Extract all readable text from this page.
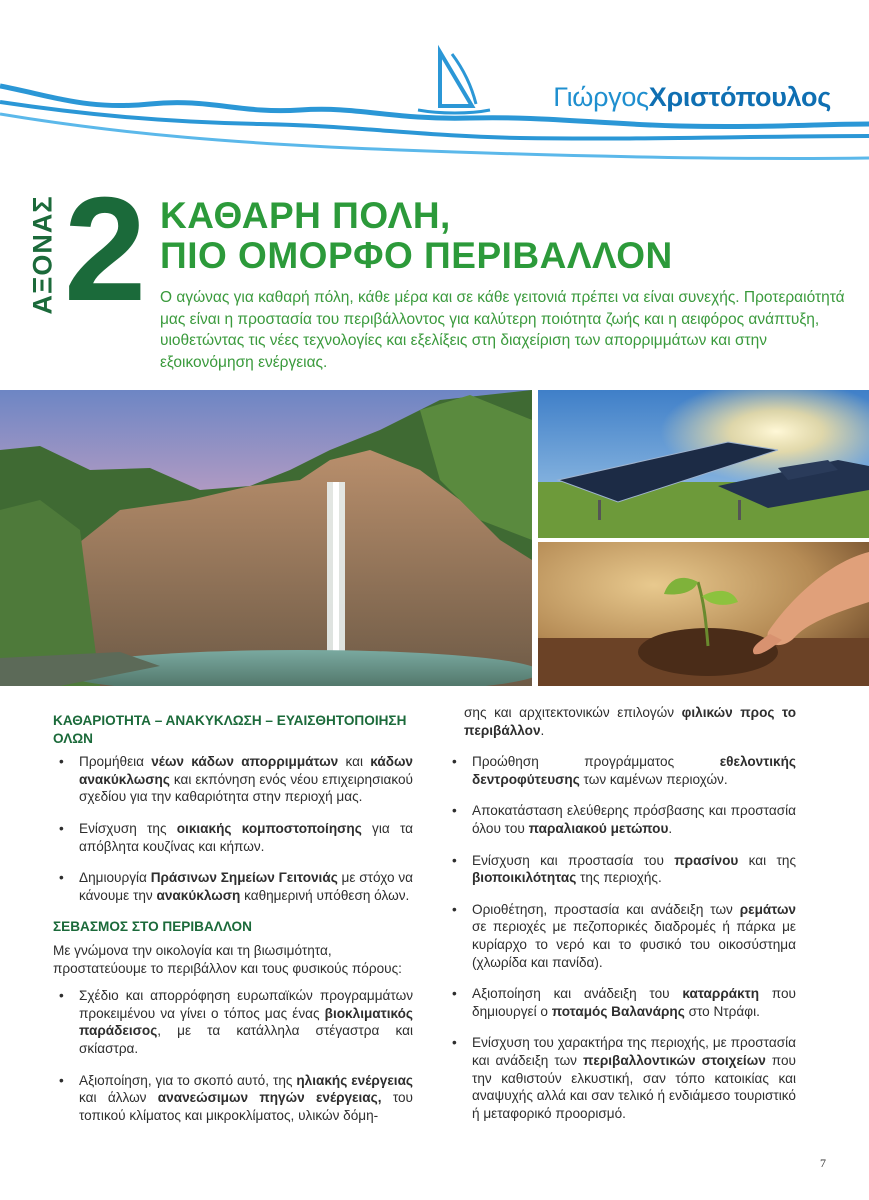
ΓιώργοςΧριστόπουλος
ΑΞΟΝΑΣ 2 ΚΑΘΑΡΗ ΠΟΛΗ,
ΠΙΟ ΟΜΟΡΦΟ ΠΕΡΙΒΑΛΛΟΝ
Ο αγώνας για καθαρή πόλη, κάθε μέρα και σε κάθε γειτονιά πρέπει να είναι συνεχής. Προτεραιότητά μας είναι η προστασία του περιβάλλοντος για καλύτερη ποιότητα ζωής και η αειφόρος ανάπτυξη, υιοθετώντας τις νέες τεχνολογίες και εξελίξεις στη διαχείριση των απορριμμάτων και στην εξοικονόμηση ενέργειας.
ΚΑΘΑΡΙΟΤΗΤΑ – ΑΝΑΚΥΚΛΩΣΗ – ΕΥΑΙΣΘΗΤΟΠΟΙΗΣΗ ΟΛΩΝ
• Προμήθεια νέων κάδων απορριμμάτων και κάδων ανακύκλωσης και εκπόνηση ενός νέου επιχειρησιακού σχεδίου για την καθαριότητα στην περιοχή μας.
• Ενίσχυση της οικιακής κομποστοποίησης για τα απόβλητα κουζίνας και κήπων.
• Δημιουργία Πράσινων Σημείων Γειτονιάς με στόχο να κάνουμε την ανακύκλωση καθημερινή υπόθεση όλων.
ΣΕΒΑΣΜΟΣ ΣΤΟ ΠΕΡΙΒΑΛΛΟΝ
Με γνώμονα την οικολογία και τη βιωσιμότητα, προστατεύουμε το περιβάλλον και τους φυσικούς πόρους:
• Σχέδιο και απορρόφηση ευρωπαϊκών προγραμμάτων προκειμένου να γίνει ο τόπος μας ένας βιοκλιματικός παράδεισος, με τα κατάλληλα στέγαστρα και σκίαστρα.
• Αξιοποίηση, για το σκοπό αυτό, της ηλιακής ενέργειας και άλλων ανανεώσιμων πηγών ενέργειας, του τοπικού κλίματος και μικροκλίματος, υλικών δόμη-
σης και αρχιτεκτονικών επιλογών φιλικών προς το περιβάλλον.
• Προώθηση προγράμματος εθελοντικής δεντροφύτευσης των καμένων περιοχών.
• Αποκατάσταση ελεύθερης πρόσβασης και προστασία όλου του παραλιακού μετώπου.
• Ενίσχυση και προστασία του πρασίνου και της βιοποικιλότητας της περιοχής.
• Οριοθέτηση, προστασία και ανάδειξη των ρεμάτων σε περιοχές με πεζοπορικές διαδρομές ή πάρκα με κυρίαρχο το νερό και το φυσικό του οικοσύστημα (χλωρίδα και πανίδα).
• Αξιοποίηση και ανάδειξη του καταρράκτη που δημιουργεί ο ποταμός Βαλανάρης στο Ντράφι.
• Ενίσχυση του χαρακτήρα της περιοχής, με προστασία και ανάδειξη των περιβαλλοντικών στοιχείων που την καθιστούν ελκυστική, σαν τόπο κατοικίας και αναψυχής αλλά και σαν τελικό ή ενδιάμεσο τουριστικό ή μεταφορικό προορισμό.
7
